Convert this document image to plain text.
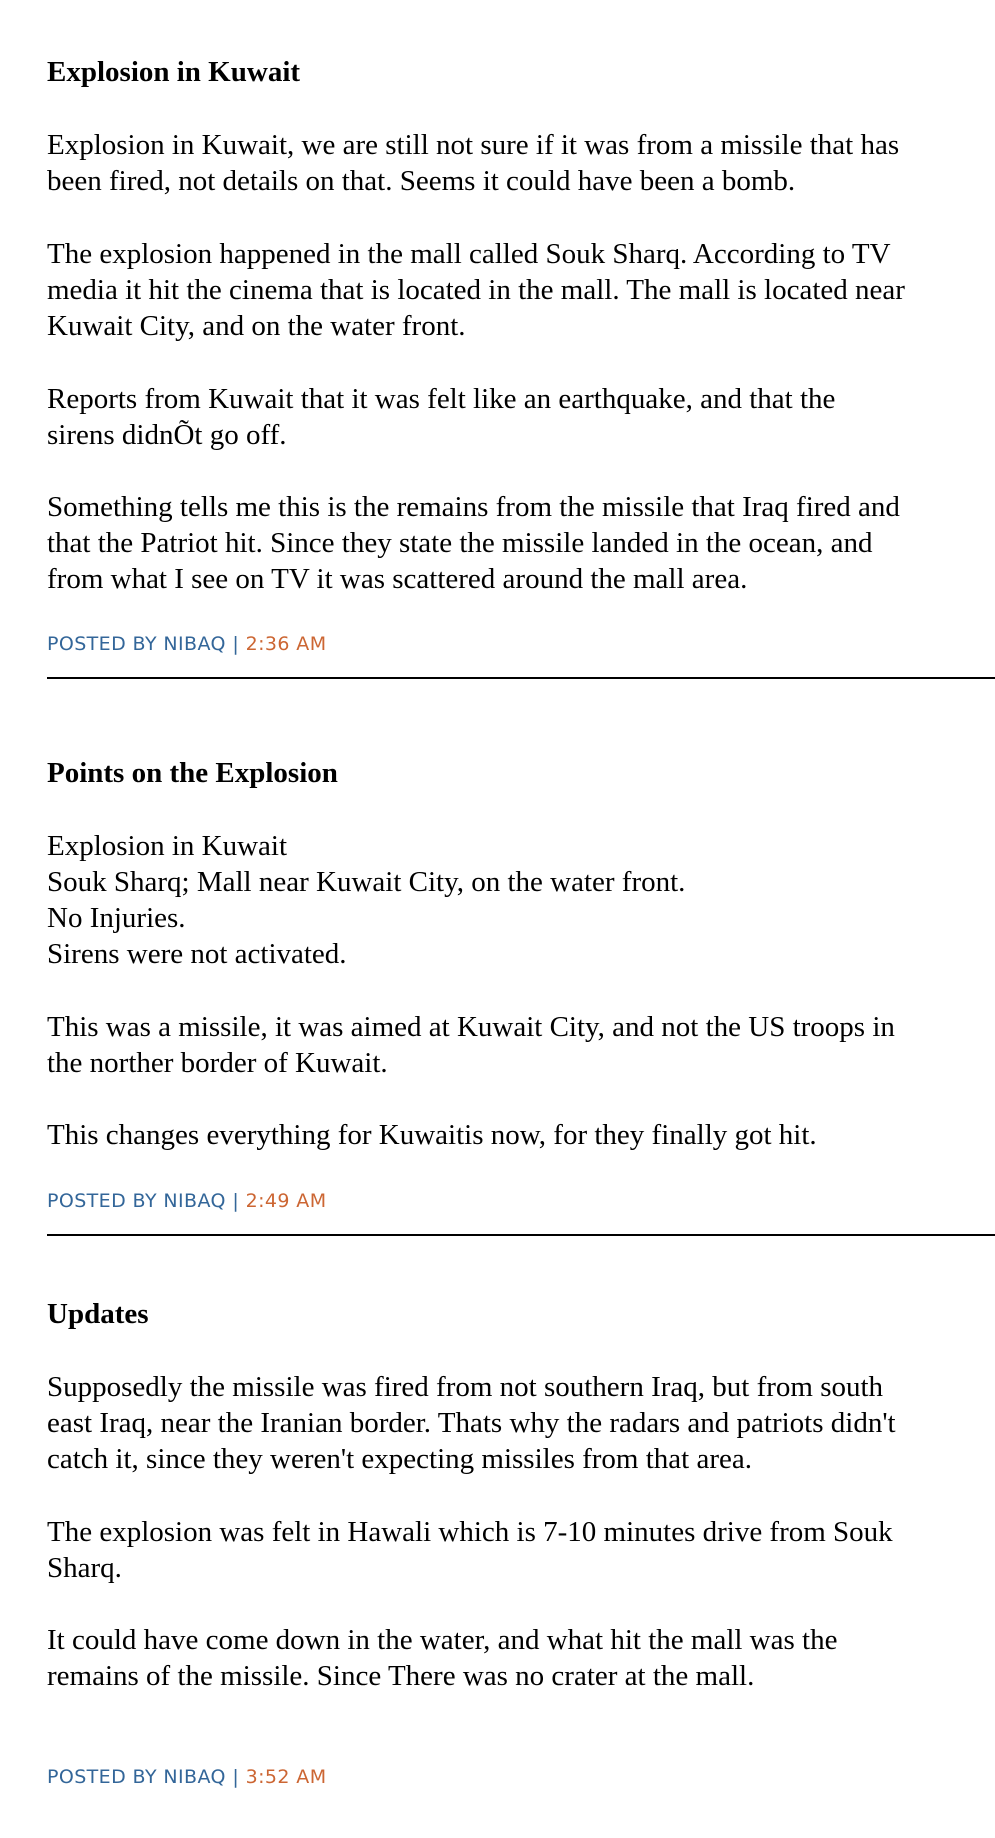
Explosion in Kuwait
Explosion in Kuwait, we are still not sure if it was from a missile that has
been fired, not details on that. Seems it could have been a bomb.
The explosion happened in the mall called Souk Sharq. According to TV
media it hit the cinema that is located in the mall. The mall is located near
Kuwait City, and on the water front.
Reports from Kuwait that it was felt like an earthquake, and that the
sirens didnÕt go off.
Something tells me this is the remains from the missile that Iraq fired and
that the Patriot hit. Since they state the missile landed in the ocean, and
from what I see on TV it was scattered around the mall area.
POSTED BY NIBAQ | 2:36 AM
Points on the Explosion
Explosion in Kuwait
Souk Sharq; Mall near Kuwait City, on the water front.
No Injuries.
Sirens were not activated.
This was a missile, it was aimed at Kuwait City, and not the US troops in
the norther border of Kuwait.
This changes everything for Kuwaitis now, for they finally got hit.
POSTED BY NIBAQ | 2:49 AM
Updates
Supposedly the missile was fired from not southern Iraq, but from south
east Iraq, near the Iranian border. Thats why the radars and patriots didn't
catch it, since they weren't expecting missiles from that area.
The explosion was felt in Hawali which is 7-10 minutes drive from Souk
Sharq.
It could have come down in the water, and what hit the mall was the
remains of the missile. Since There was no crater at the mall.
POSTED BY NIBAQ | 3:52 AM
